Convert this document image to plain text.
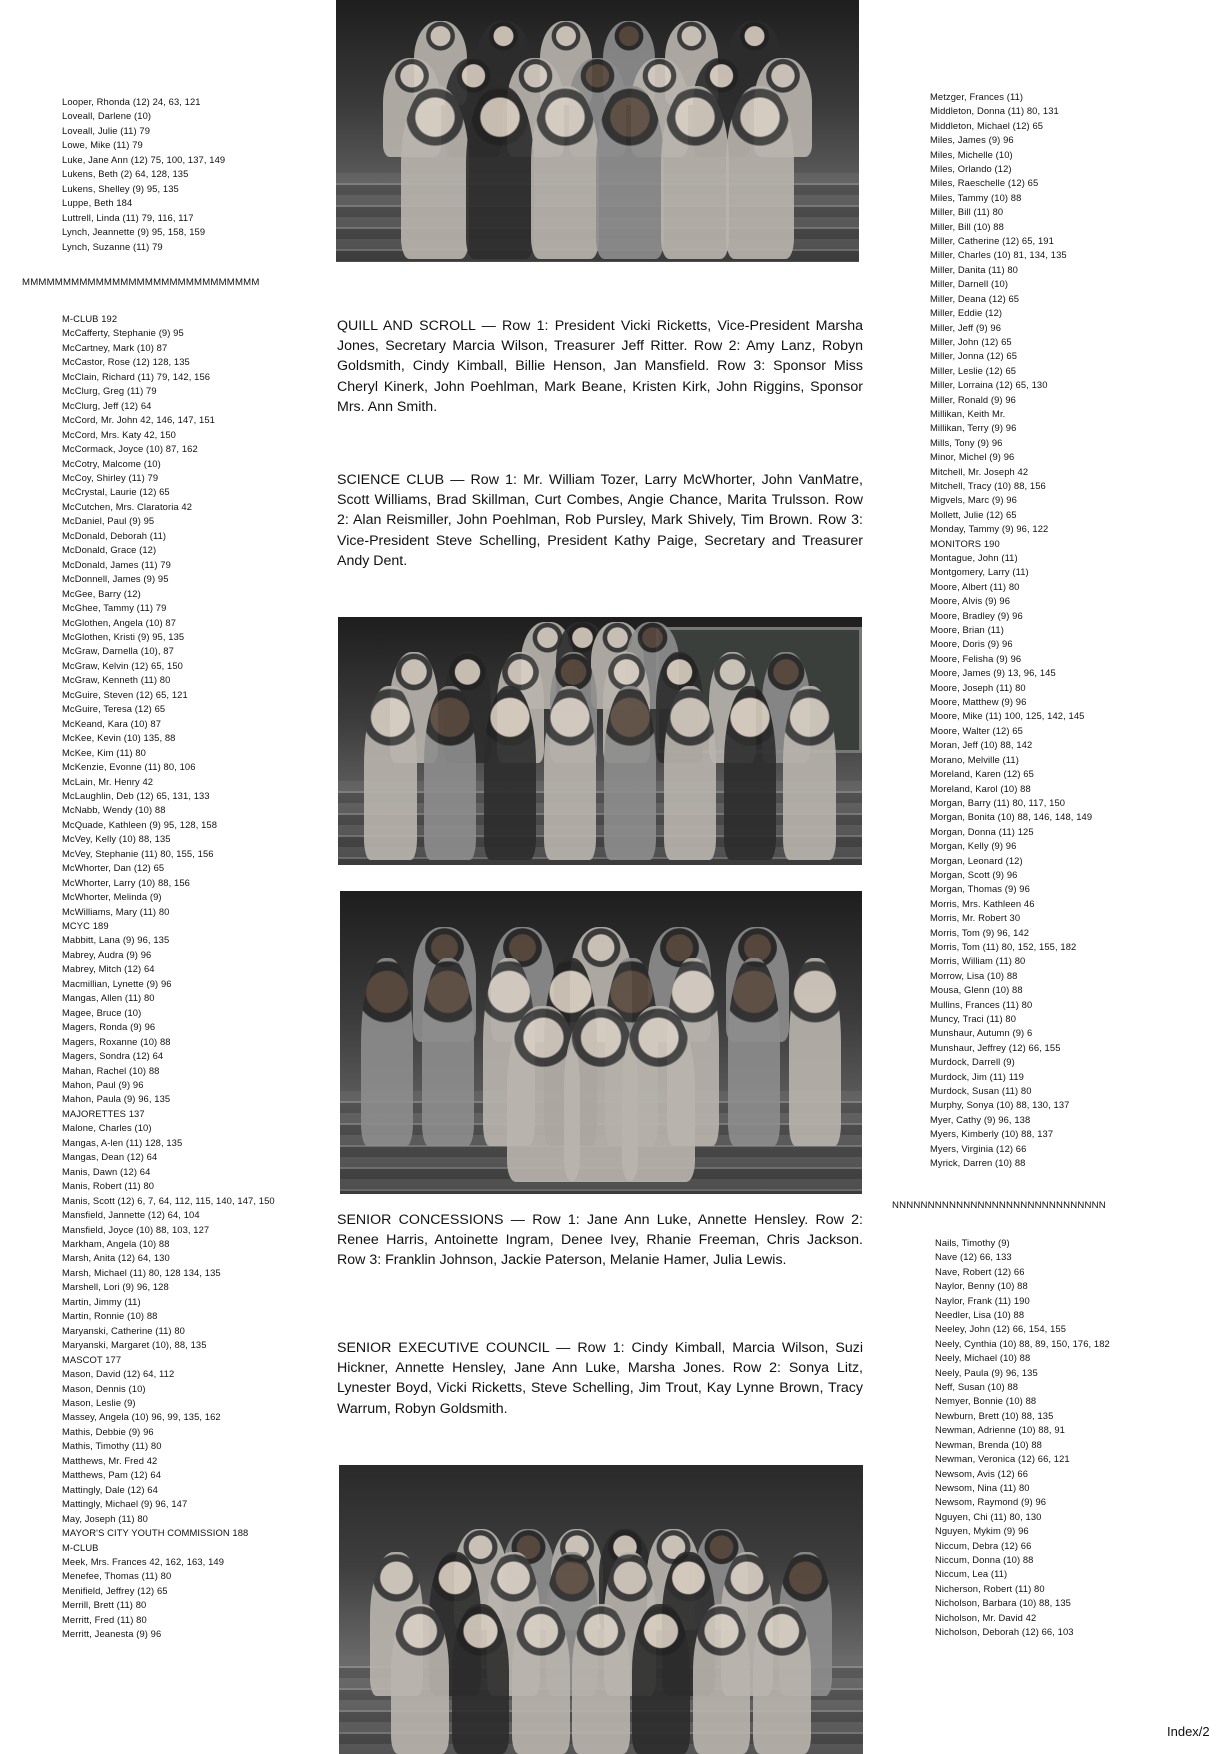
Looper, Rhonda (12) 24, 63, 121
Loveall, Darlene (10)
Loveall, Julie (11) 79
Lowe, Mike (11) 79
Luke, Jane Ann (12) 75, 100, 137, 149
Lukens, Beth (2) 64, 128, 135
Lukens, Shelley (9) 95, 135
Luppe, Beth 184
Luttrell, Linda (11) 79, 116, 117
Lynch, Jeannette (9) 95, 158, 159
Lynch, Suzanne (11) 79
MMMMMMMMMMMMMMMMMMMMMMMMMMMMM
M-CLUB 192
McCafferty, Stephanie (9) 95
McCartney, Mark (10) 87
McCastor, Rose (12) 128, 135
McClain, Richard (11) 79, 142, 156
McClurg, Greg (11) 79
McClurg, Jeff (12) 64
McCord, Mr. John 42, 146, 147, 151
McCord, Mrs. Katy 42, 150
McCormack, Joyce (10) 87, 162
McCotry, Malcome (10)
McCoy, Shirley (11) 79
McCrystal, Laurie (12) 65
McCutchen, Mrs. Claratoria 42
McDaniel, Paul (9) 95
McDonald, Deborah (11)
McDonald, Grace (12)
McDonald, James (11) 79
McDonnell, James (9) 95
McGee, Barry (12)
McGhee, Tammy (11) 79
McGlothen, Angela (10) 87
McGlothen, Kristi (9) 95, 135
McGraw, Darnella (10), 87
McGraw, Kelvin (12) 65, 150
McGraw, Kenneth (11) 80
McGuire, Steven (12) 65, 121
McGuire, Teresa (12) 65
McKeand, Kara (10) 87
McKee, Kevin (10) 135, 88
McKee, Kim (11) 80
McKenzie, Evonne (11) 80, 106
McLain, Mr. Henry 42
McLaughlin, Deb (12) 65, 131, 133
McNabb, Wendy (10) 88
McQuade, Kathleen (9) 95, 128, 158
McVey, Kelly (10) 88, 135
McVey, Stephanie (11) 80, 155, 156
McWhorter, Dan (12) 65
McWhorter, Larry (10) 88, 156
McWhorter, Melinda (9)
McWilliams, Mary (11) 80
MCYC 189
Mabbitt, Lana (9) 96, 135
Mabrey, Audra (9) 96
Mabrey, Mitch (12) 64
Macmillian, Lynette (9) 96
Mangas, Allen (11) 80
Magee, Bruce (10)
Magers, Ronda (9) 96
Magers, Roxanne (10) 88
Magers, Sondra (12) 64
Mahan, Rachel (10) 88
Mahon, Paul (9) 96
Mahon, Paula (9) 96, 135
MAJORETTES 137
Malone, Charles (10)
Mangas, A-len (11) 128, 135
Mangas, Dean (12) 64
Manis, Dawn (12) 64
Manis, Robert (11) 80
Manis, Scott (12) 6, 7, 64, 112, 115, 140, 147, 150
Mansfield, Jannette (12) 64, 104
Mansfield, Joyce (10) 88, 103, 127
Markham, Angela (10) 88
Marsh, Anita (12) 64, 130
Marsh, Michael (11) 80, 128 134, 135
Marshell, Lori (9) 96, 128
Martin, Jimmy (11)
Martin, Ronnie (10) 88
Maryanski, Catherine (11) 80
Maryanski, Margaret (10), 88, 135
MASCOT 177
Mason, David (12) 64, 112
Mason, Dennis (10)
Mason, Leslie (9)
Massey, Angela (10) 96, 99, 135, 162
Mathis, Debbie (9) 96
Mathis, Timothy (11) 80
Matthews, Mr. Fred 42
Matthews, Pam (12) 64
Mattingly, Dale (12) 64
Mattingly, Michael (9) 96, 147
May, Joseph (11) 80
MAYOR'S CITY YOUTH COMMISSION 188
M-CLUB
Meek, Mrs. Frances 42, 162, 163, 149
Menefee, Thomas (11) 80
Menifield, Jeffrey (12) 65
Merrill, Brett (11) 80
Merritt, Fred (11) 80
Merritt, Jeanesta (9) 96

QUILL AND SCROLL — Row 1: President Vicki Ricketts, Vice-President Marsha Jones, Secretary Marcia Wilson, Treasurer Jeff Ritter. Row 2: Amy Lanz, Robyn Goldsmith, Cindy Kimball, Billie Henson, Jan Mansfield. Row 3: Sponsor Miss Cheryl Kinerk, John Poehlman, Mark Beane, Kristen Kirk, John Riggins, Sponsor Mrs. Ann Smith.

SCIENCE CLUB — Row 1: Mr. William Tozer, Larry McWhorter, John VanMatre, Scott Williams, Brad Skillman, Curt Combes, Angie Chance, Marita Trulsson. Row 2: Alan Reismiller, John Poehlman, Rob Pursley, Mark Shively, Tim Brown. Row 3: Vice-President Steve Schelling, President Kathy Paige, Secretary and Treasurer Andy Dent.

SENIOR CONCESSIONS — Row 1: Jane Ann Luke, Annette Hensley. Row 2: Renee Harris, Antoinette Ingram, Denee Ivey, Rhanie Freeman, Chris Jackson. Row 3: Franklin Johnson, Jackie Paterson, Melanie Hamer, Julia Lewis.

SENIOR EXECUTIVE COUNCIL — Row 1: Cindy Kimball, Marcia Wilson, Suzi Hickner, Annette Hensley, Jane Ann Luke, Marsha Jones. Row 2: Sonya Litz, Lynester Boyd, Vicki Ricketts, Steve Schelling, Jim Trout, Kay Lynne Brown, Tracy Warrum, Robyn Goldsmith.

Metzger, Frances (11)
Middleton, Donna (11) 80, 131
Middleton, Michael (12) 65
Miles, James (9) 96
Miles, Michelle (10)
Miles, Orlando (12)
Miles, Raeschelle (12) 65
Miles, Tammy (10) 88
Miller, Bill (11) 80
Miller, Bill (10) 88
Miller, Catherine (12) 65, 191
Miller, Charles (10) 81, 134, 135
Miller, Danita (11) 80
Miller, Darnell (10)
Miller, Deana (12) 65
Miller, Eddie (12)
Miller, Jeff (9) 96
Miller, John (12) 65
Miller, Jonna (12) 65
Miller, Leslie (12) 65
Miller, Lorraina (12) 65, 130
Miller, Ronald (9) 96
Millikan, Keith Mr.
Millikan, Terry (9) 96
Mills, Tony (9) 96
Minor, Michel (9) 96
Mitchell, Mr. Joseph 42
Mitchell, Tracy (10) 88, 156
Migvels, Marc (9) 96
Mollett, Julie (12) 65
Monday, Tammy (9) 96, 122
MONITORS 190
Montague, John (11)
Montgomery, Larry (11)
Moore, Albert (11) 80
Moore, Alvis (9) 96
Moore, Bradley (9) 96
Moore, Brian (11)
Moore, Doris (9) 96
Moore, Felisha (9) 96
Moore, James (9) 13, 96, 145
Moore, Joseph (11) 80
Moore, Matthew (9) 96
Moore, Mike (11) 100, 125, 142, 145
Moore, Walter (12) 65
Moran, Jeff (10) 88, 142
Morano, Melville (11)
Moreland, Karen (12) 65
Moreland, Karol (10) 88
Morgan, Barry (11) 80, 117, 150
Morgan, Bonita (10) 88, 146, 148, 149
Morgan, Donna (11) 125
Morgan, Kelly (9) 96
Morgan, Leonard (12)
Morgan, Scott (9) 96
Morgan, Thomas (9) 96
Morris, Mrs. Kathleen 46
Morris, Mr. Robert 30
Morris, Tom (9) 96, 142
Morris, Tom (11) 80, 152, 155, 182
Morris, William (11) 80
Morrow, Lisa (10) 88
Mousa, Glenn (10) 88
Mullins, Frances (11) 80
Muncy, Traci (11) 80
Munshaur, Autumn (9) 6
Munshaur, Jeffrey (12) 66, 155
Murdock, Darrell (9)
Murdock, Jim (11) 119
Murdock, Susan (11) 80
Murphy, Sonya (10) 88, 130, 137
Myer, Cathy (9) 96, 138
Myers, Kimberly (10) 88, 137
Myers, Virginia (12) 66
Myrick, Darren (10) 88
NNNNNNNNNNNNNNNNNNNNNNNNNNNNNN
Nails, Timothy (9)
Nave (12) 66, 133
Nave, Robert (12) 66
Naylor, Benny (10) 88
Naylor, Frank (11) 190
Needler, Lisa (10) 88
Neeley, John (12) 66, 154, 155
Neely, Cynthia (10) 88, 89, 150, 176, 182
Neely, Michael (10) 88
Neely, Paula (9) 96, 135
Neff, Susan (10) 88
Nemyer, Bonnie (10) 88
Newburn, Brett (10) 88, 135
Newman, Adrienne (10) 88, 91
Newman, Brenda (10) 88
Newman, Veronica (12) 66, 121
Newsom, Avis (12) 66
Newsom, Nina (11) 80
Newsom, Raymond (9) 96
Nguyen, Chi (11) 80, 130
Nguyen, Mykim (9) 96
Niccum, Debra (12) 66
Niccum, Donna (10) 88
Niccum, Lea (11)
Nicherson, Robert (11) 80
Nicholson, Barbara (10) 88, 135
Nicholson, Mr. David 42
Nicholson, Deborah (12) 66, 103
Index/2
